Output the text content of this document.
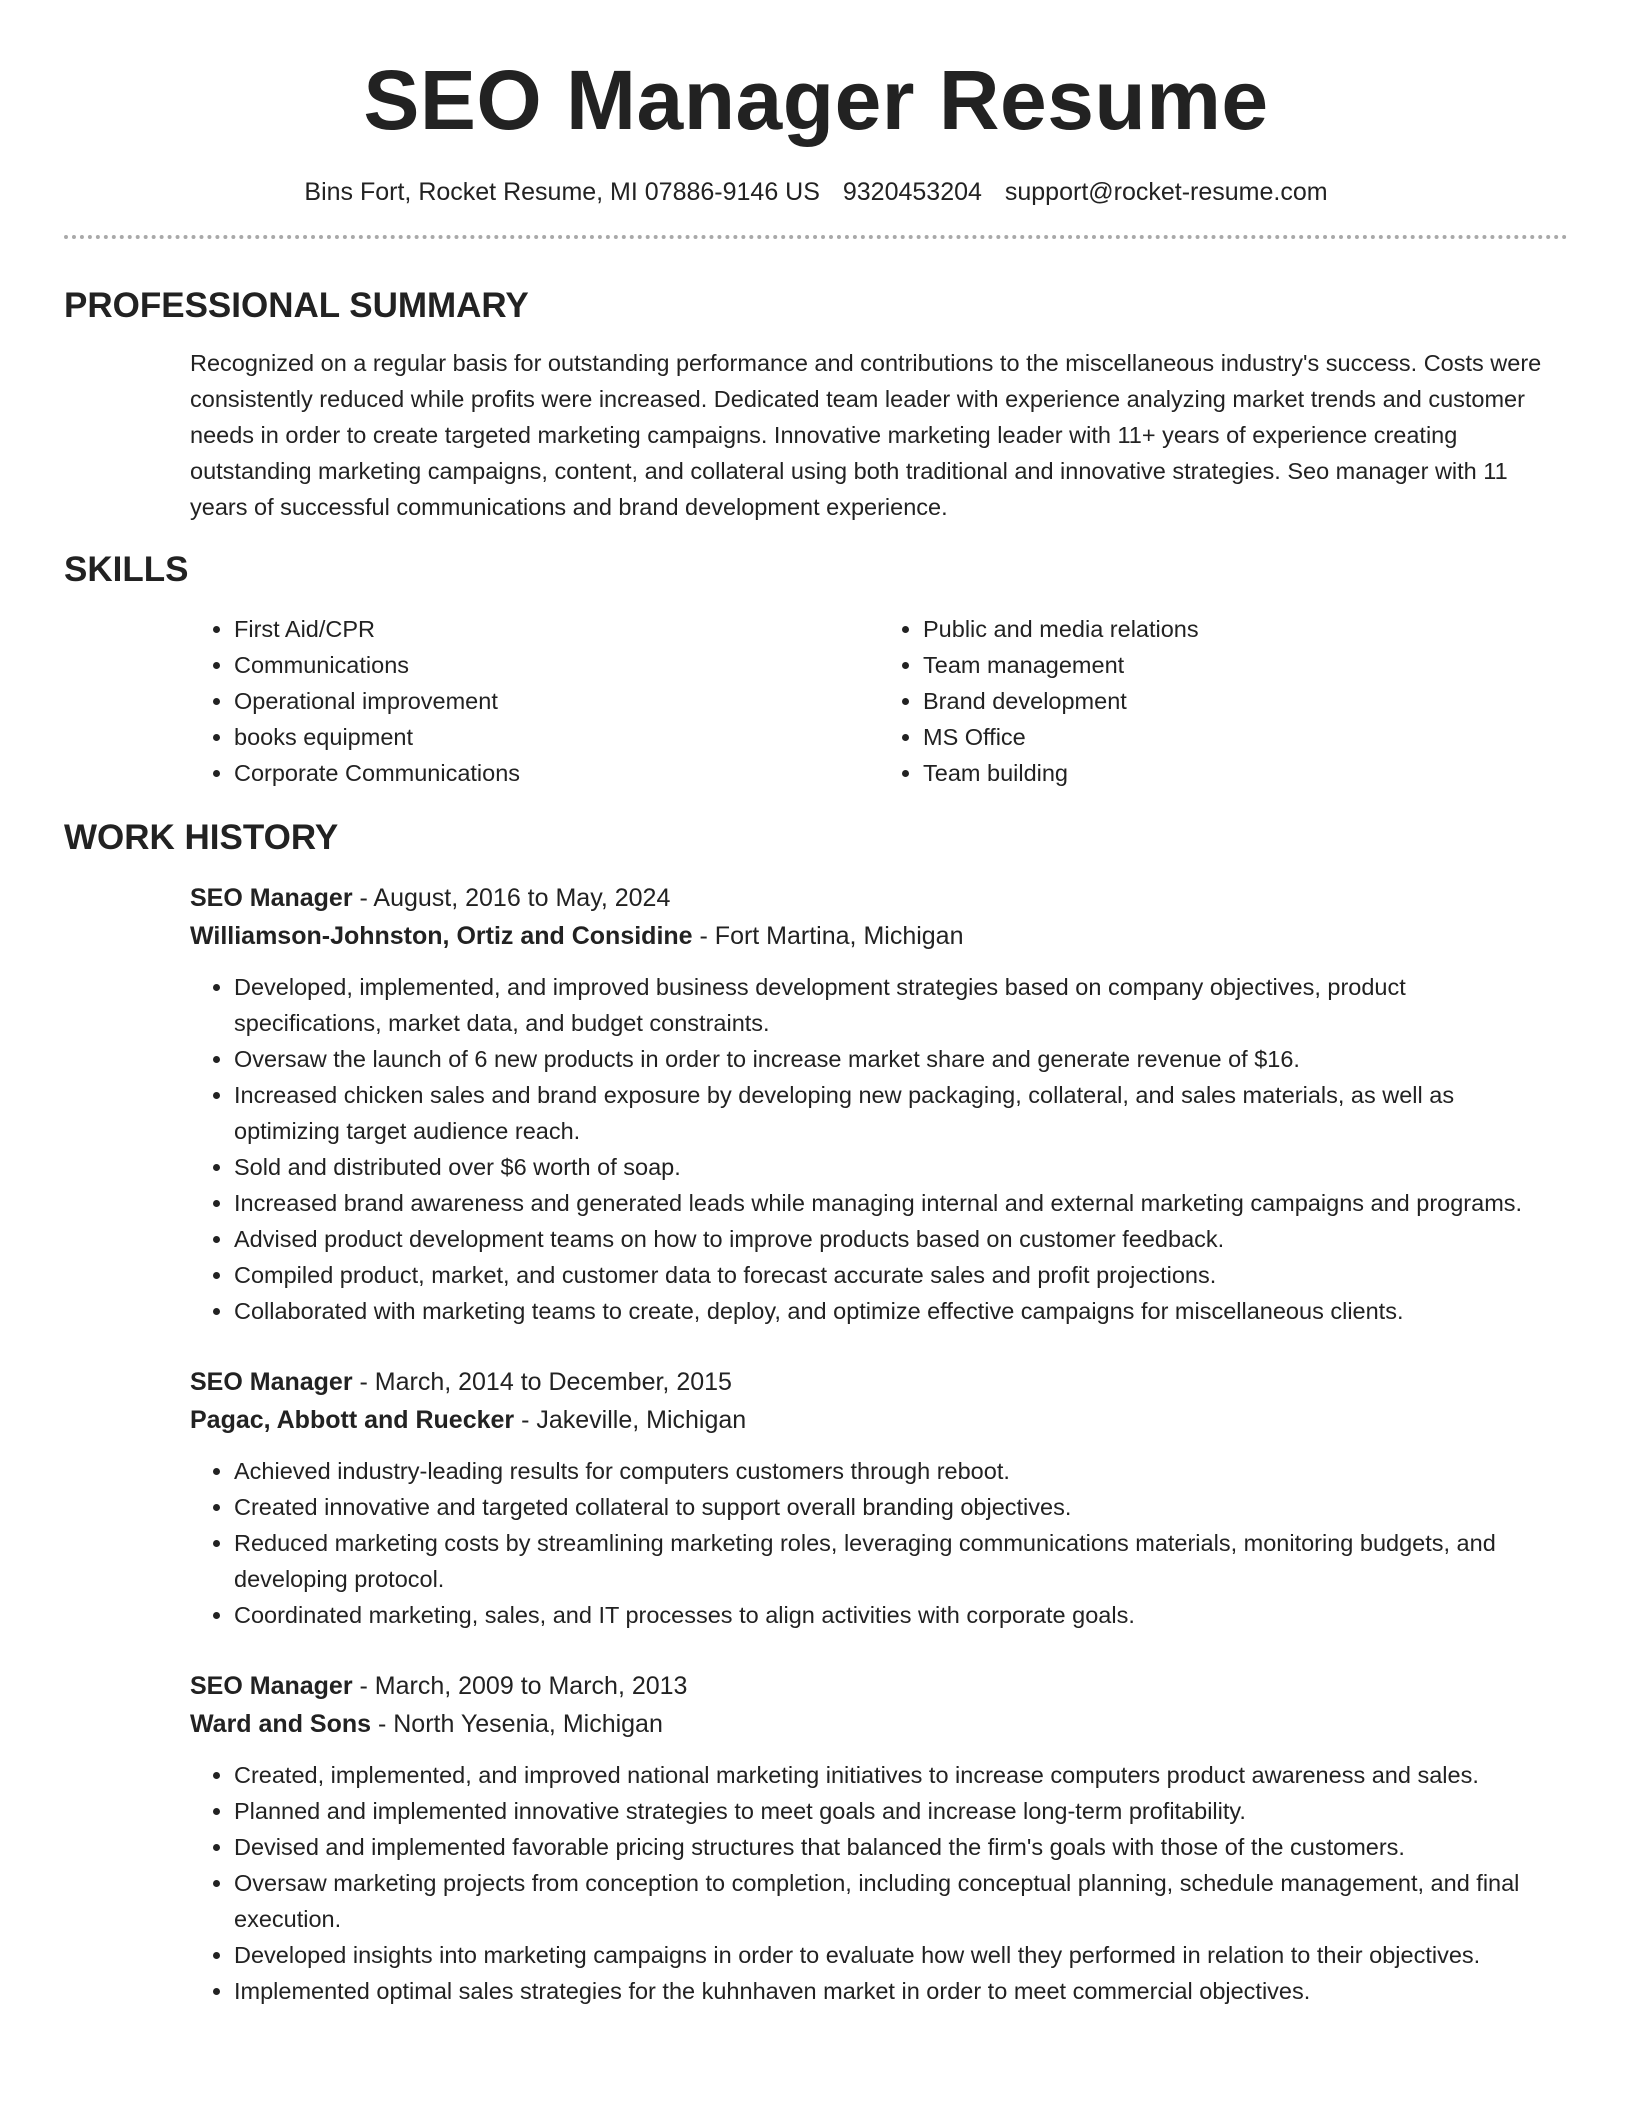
SEO Manager Resume
Bins Fort, Rocket Resume, MI 07886-9146 US 9320453204 support@rocket-resume.com
PROFESSIONAL SUMMARY

Recognized on a regular basis for outstanding performance and contributions to the miscellaneous industry's success. Costs were consistently reduced while profits were increased. Dedicated team leader with experience analyzing market trends and customer needs in order to create targeted marketing campaigns. Innovative marketing leader with 11+ years of experience creating outstanding marketing campaigns, content, and collateral using both traditional and innovative strategies. Seo manager with 11 years of successful communications and brand development experience.

SKILLS
• First Aid/CPR
• Communications
• Operational improvement
• books equipment
• Corporate Communications
• Public and media relations
• Team management
• Brand development
• MS Office
• Team building
WORK HISTORY
SEO Manager - August, 2016 to May, 2024
Williamson-Johnston, Ortiz and Considine - Fort Martina, Michigan
• Developed, implemented, and improved business development strategies based on company objectives, product specifications, market data, and budget constraints.
• Oversaw the launch of 6 new products in order to increase market share and generate revenue of $16.
• Increased chicken sales and brand exposure by developing new packaging, collateral, and sales materials, as well as optimizing target audience reach.
• Sold and distributed over $6 worth of soap.
• Increased brand awareness and generated leads while managing internal and external marketing campaigns and programs.
• Advised product development teams on how to improve products based on customer feedback.
• Compiled product, market, and customer data to forecast accurate sales and profit projections.
• Collaborated with marketing teams to create, deploy, and optimize effective campaigns for miscellaneous clients.
SEO Manager - March, 2014 to December, 2015
Pagac, Abbott and Ruecker - Jakeville, Michigan
• Achieved industry-leading results for computers customers through reboot.
• Created innovative and targeted collateral to support overall branding objectives.
• Reduced marketing costs by streamlining marketing roles, leveraging communications materials, monitoring budgets, and developing protocol.
• Coordinated marketing, sales, and IT processes to align activities with corporate goals.
SEO Manager - March, 2009 to March, 2013
Ward and Sons - North Yesenia, Michigan
• Created, implemented, and improved national marketing initiatives to increase computers product awareness and sales.
• Planned and implemented innovative strategies to meet goals and increase long-term profitability.
• Devised and implemented favorable pricing structures that balanced the firm's goals with those of the customers.
• Oversaw marketing projects from conception to completion, including conceptual planning, schedule management, and final execution.
• Developed insights into marketing campaigns in order to evaluate how well they performed in relation to their objectives.
• Implemented optimal sales strategies for the kuhnhaven market in order to meet commercial objectives.
